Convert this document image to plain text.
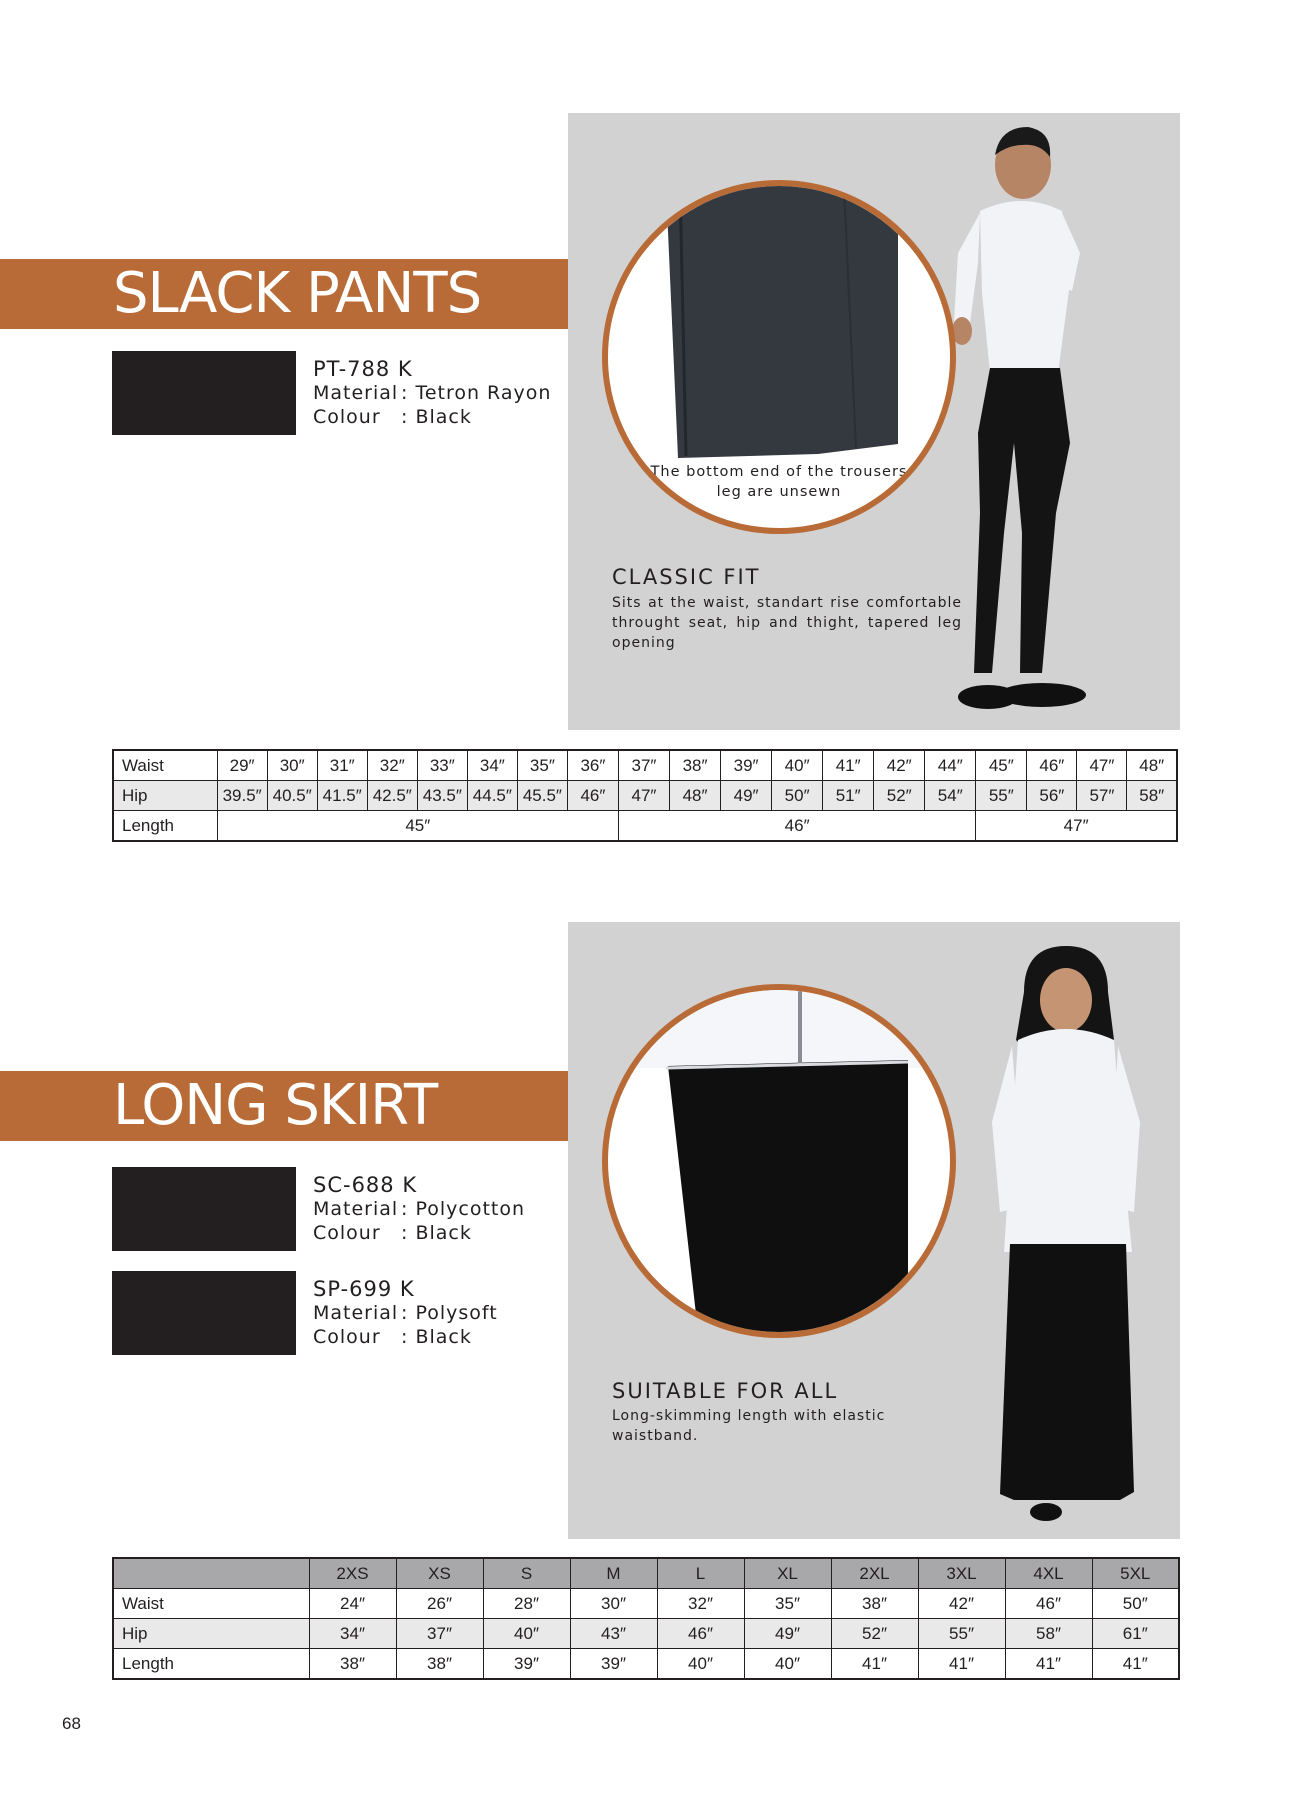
The bottom end of the trousers
leg are unsewn
CLASSIC FIT
Sits at the waist, standart rise comfortable throught seat, hip and thight, tapered leg opening
SLACK PANTS
PT-788 K
Material : Tetron Rayon
Colour : Black
Waist	29″	30″	31″	32″	33″	34″	35″	36″	37″	38″	39″	40″	41″	42″	44″	45″	46″	47″	48″
Hip	39.5″	40.5″	41.5″	42.5″	43.5″	44.5″	45.5″	46″	47″	48″	49″	50″	51″	52″	54″	55″	56″	57″	58″
Length	45″								46″							47″			
SUITABLE FOR ALL
Long-skimming length with elastic waistband.
LONG SKIRT
SC-688 K
Material : Polycotton
Colour : Black
SP-699 K
Material : Polysoft
Colour : Black
	2XS	XS	S	M	L	XL	2XL	3XL	4XL	5XL
Waist	24″	26″	28″	30″	32″	35″	38″	42″	46″	50″
Hip	34″	37″	40″	43″	46″	49″	52″	55″	58″	61″
Length	38″	38″	39″	39″	40″	40″	41″	41″	41″	41″
68
